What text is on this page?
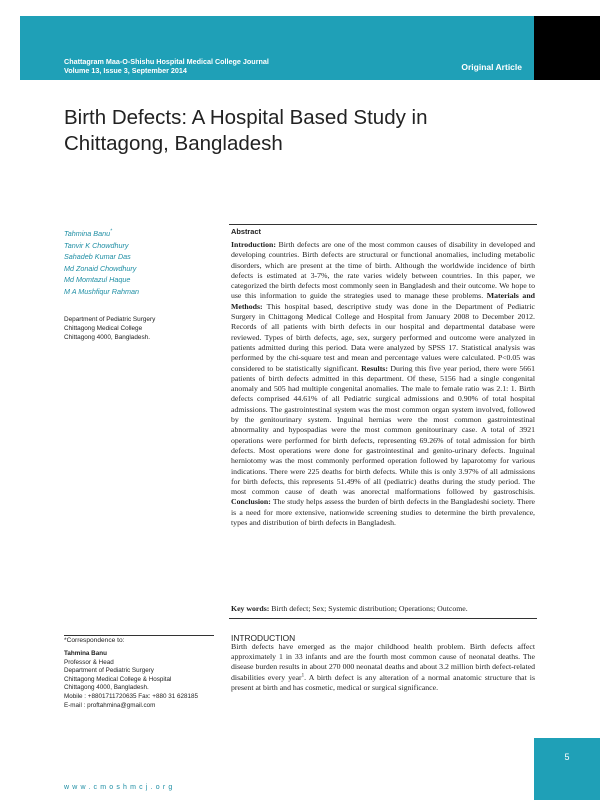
Chattagram Maa-O-Shishu Hospital Medical College Journal
Volume 13, Issue 3, September 2014	Original Article
Birth Defects: A Hospital Based Study in
Chittagong, Bangladesh
Tahmina Banu*
Tanvir K Chowdhury
Sahadeb Kumar Das
Md Zonaid Chowdhury
Md Momtazul Haque
M A Mushfiqur Rahman
Department of Pediatric Surgery
Chittagong Medical College
Chittagong 4000, Bangladesh.
Abstract
Introduction: Birth defects are one of the most common causes of disability in developed and developing countries. Birth defects are structural or functional anomalies, including metabolic disorders, which are present at the time of birth. Although the worldwide incidence of birth defects is estimated at 3-7%, the rate varies widely between countries. In this paper, we categorized the birth defects most commonly seen in Bangladesh and their outcome. We hope to use this information to guide the strategies used to manage these problems. Materials and Methods: This hospital based, descriptive study was done in the Department of Pediatric Surgery in Chittagong Medical College and Hospital from January 2008 to December 2012. Records of all patients with birth defects in our hospital and departmental database were reviewed. Types of birth defects, age, sex, surgery performed and outcome were analyzed in patients admitted during this period. Data were analyzed by SPSS 17. Statistical analysis was performed by the chi-square test and mean and percentage values were calculated. P<0.05 was considered to be statistically significant. Results: During this five year period, there were 5661 patients of birth defects admitted in this department. Of these, 5156 had a single congenital anomaly and 505 had multiple congenital anomalies. The male to female ratio was 2.1: 1. Birth defects comprised 44.61% of all Pediatric surgical admissions and 0.90% of total hospital admissions. The gastrointestinal system was the most common organ system involved, followed by the genitourinary system. Inguinal hernias were the most common gastrointestinal abnormality and hypospadias were the most common genitourinary case. A total of 3921 operations were performed for birth defects, representing 69.26% of total admission for birth defects. Most operations were done for gastrointestinal and genito-urinary defects. Inguinal herniotomy was the most commonly performed operation followed by laparotomy for various indications. There were 225 deaths for birth defects. While this is only 3.97% of all admissions for birth defects, this represents 51.49% of all (pediatric) deaths during the study period. The most common cause of death was anorectal malformations followed by gastroschisis. Conclusion: The study helps assess the burden of birth defects in the Bangladeshi society. There is a need for more extensive, nationwide screening studies to determine the birth prevalence, types and distribution of birth defects in Bangladesh.
Key words: Birth defect; Sex; Systemic distribution; Operations; Outcome.
INTRODUCTION
Birth defects have emerged as the major childhood health problem. Birth defects affect approximately 1 in 33 infants and are the fourth most common cause of neonatal deaths. The disease burden results in about 270 000 neonatal deaths and about 3.2 million birth defect-related disabilities every year$^1$. A birth defect is any alteration of a normal anatomic structure that is present at birth and has cosmetic, medical or surgical significance.
*Correspondence to:
Tahmina Banu
Professor & Head
Department of Pediatric Surgery
Chittagong Medical College & Hospital
Chittagong 4000, Bangladesh.
Mobile : +8801711720635 Fax: +880 31 628185
E-mail : proftahmina@gmail.com
www.cmoshmcj.org
5
